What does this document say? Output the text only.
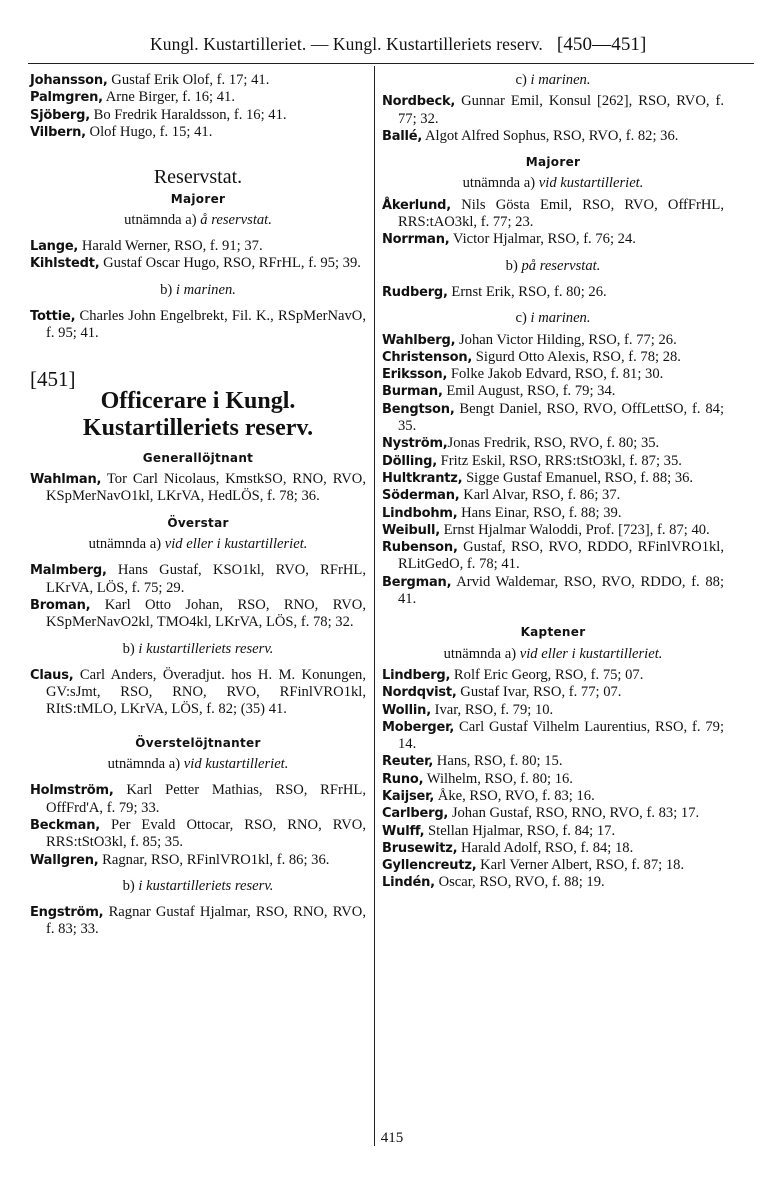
Kungl. Kustartilleriet. — Kungl. Kustartilleriets reserv. [450—451]

Johansson, Gustaf Erik Olof, f. 17; 41.

Palmgren, Arne Birger, f. 16; 41.

Sjöberg, Bo Fredrik Haraldsson, f. 16; 41.

Vilbern, Olof Hugo, f. 15; 41.

Reservstat.

Majorer

utnämnda a) å reservstat.

Lange, Harald Werner, RSO, f. 91; 37.

Kihlstedt, Gustaf Oscar Hugo, RSO, RFrHL, f. 95; 39.

b) i marinen.

Tottie, Charles John Engelbrekt, Fil. K., RSpMerNavO, f. 95; 41.

[451]

Officerare i Kungl. Kustartilleriets reserv.

Generallöjtnant

Wahlman, Tor Carl Nicolaus, KmstkSO, RNO, RVO, KSpMerNavO1kl, LKrVA, HedLÖS, f. 78; 36.

Överstar

utnämnda a) vid eller i kustartilleriet.

Malmberg, Hans Gustaf, KSO1kl, RVO, RFrHL, LKrVA, LÖS, f. 75; 29.

Broman, Karl Otto Johan, RSO, RNO, RVO, KSpMerNavO2kl, TMO4kl, LKrVA, LÖS, f. 78; 32.

b) i kustartilleriets reserv.

Claus, Carl Anders, Överadjut. hos H. M. Konungen, GV:sJmt, RSO, RNO, RVO, RFinlVRO1kl, RItS:tMLO, LKrVA, LÖS, f. 82; (35) 41.

Överstelöjtnanter

utnämnda a) vid kustartilleriet.

Holmström, Karl Petter Mathias, RSO, RFrHL, OffFrd'A, f. 79; 33.

Beckman, Per Evald Ottocar, RSO, RNO, RVO, RRS:tStO3kl, f. 85; 35.

Wallgren, Ragnar, RSO, RFinlVRO1kl, f. 86; 36.

b) i kustartilleriets reserv.

Engström, Ragnar Gustaf Hjalmar, RSO, RNO, RVO, f. 83; 33.

c) i marinen.

Nordbeck, Gunnar Emil, Konsul [262], RSO, RVO, f. 77; 32.

Ballé, Algot Alfred Sophus, RSO, RVO, f. 82; 36.

Majorer

utnämnda a) vid kustartilleriet.

Åkerlund, Nils Gösta Emil, RSO, RVO, OffFrHL, RRS:tAO3kl, f. 77; 23.

Norrman, Victor Hjalmar, RSO, f. 76; 24.

b) på reservstat.

Rudberg, Ernst Erik, RSO, f. 80; 26.

c) i marinen.

Wahlberg, Johan Victor Hilding, RSO, f. 77; 26.

Christenson, Sigurd Otto Alexis, RSO, f. 78; 28.

Eriksson, Folke Jakob Edvard, RSO, f. 81; 30.

Burman, Emil August, RSO, f. 79; 34.

Bengtson, Bengt Daniel, RSO, RVO, OffLettSO, f. 84; 35.

Nyström,Jonas Fredrik, RSO, RVO, f. 80; 35.

Dölling, Fritz Eskil, RSO, RRS:tStO3kl, f. 87; 35.

Hultkrantz, Sigge Gustaf Emanuel, RSO, f. 88; 36.

Söderman, Karl Alvar, RSO, f. 86; 37.

Lindbohm, Hans Einar, RSO, f. 88; 39.

Weibull, Ernst Hjalmar Waloddi, Prof. [723], f. 87; 40.

Rubenson, Gustaf, RSO, RVO, RDDO, RFinlVRO1kl, RLitGedO, f. 78; 41.

Bergman, Arvid Waldemar, RSO, RVO, RDDO, f. 88; 41.

Kaptener

utnämnda a) vid eller i kustartilleriet.

Lindberg, Rolf Eric Georg, RSO, f. 75; 07.

Nordqvist, Gustaf Ivar, RSO, f. 77; 07.

Wollin, Ivar, RSO, f. 79; 10.

Moberger, Carl Gustaf Vilhelm Laurentius, RSO, f. 79; 14.

Reuter, Hans, RSO, f. 80; 15.

Runo, Wilhelm, RSO, f. 80; 16.

Kaijser, Åke, RSO, RVO, f. 83; 16.

Carlberg, Johan Gustaf, RSO, RNO, RVO, f. 83; 17.

Wulff, Stellan Hjalmar, RSO, f. 84; 17.

Brusewitz, Harald Adolf, RSO, f. 84; 18.

Gyllencreutz, Karl Verner Albert, RSO, f. 87; 18.

Lindén, Oscar, RSO, RVO, f. 88; 19.

415
